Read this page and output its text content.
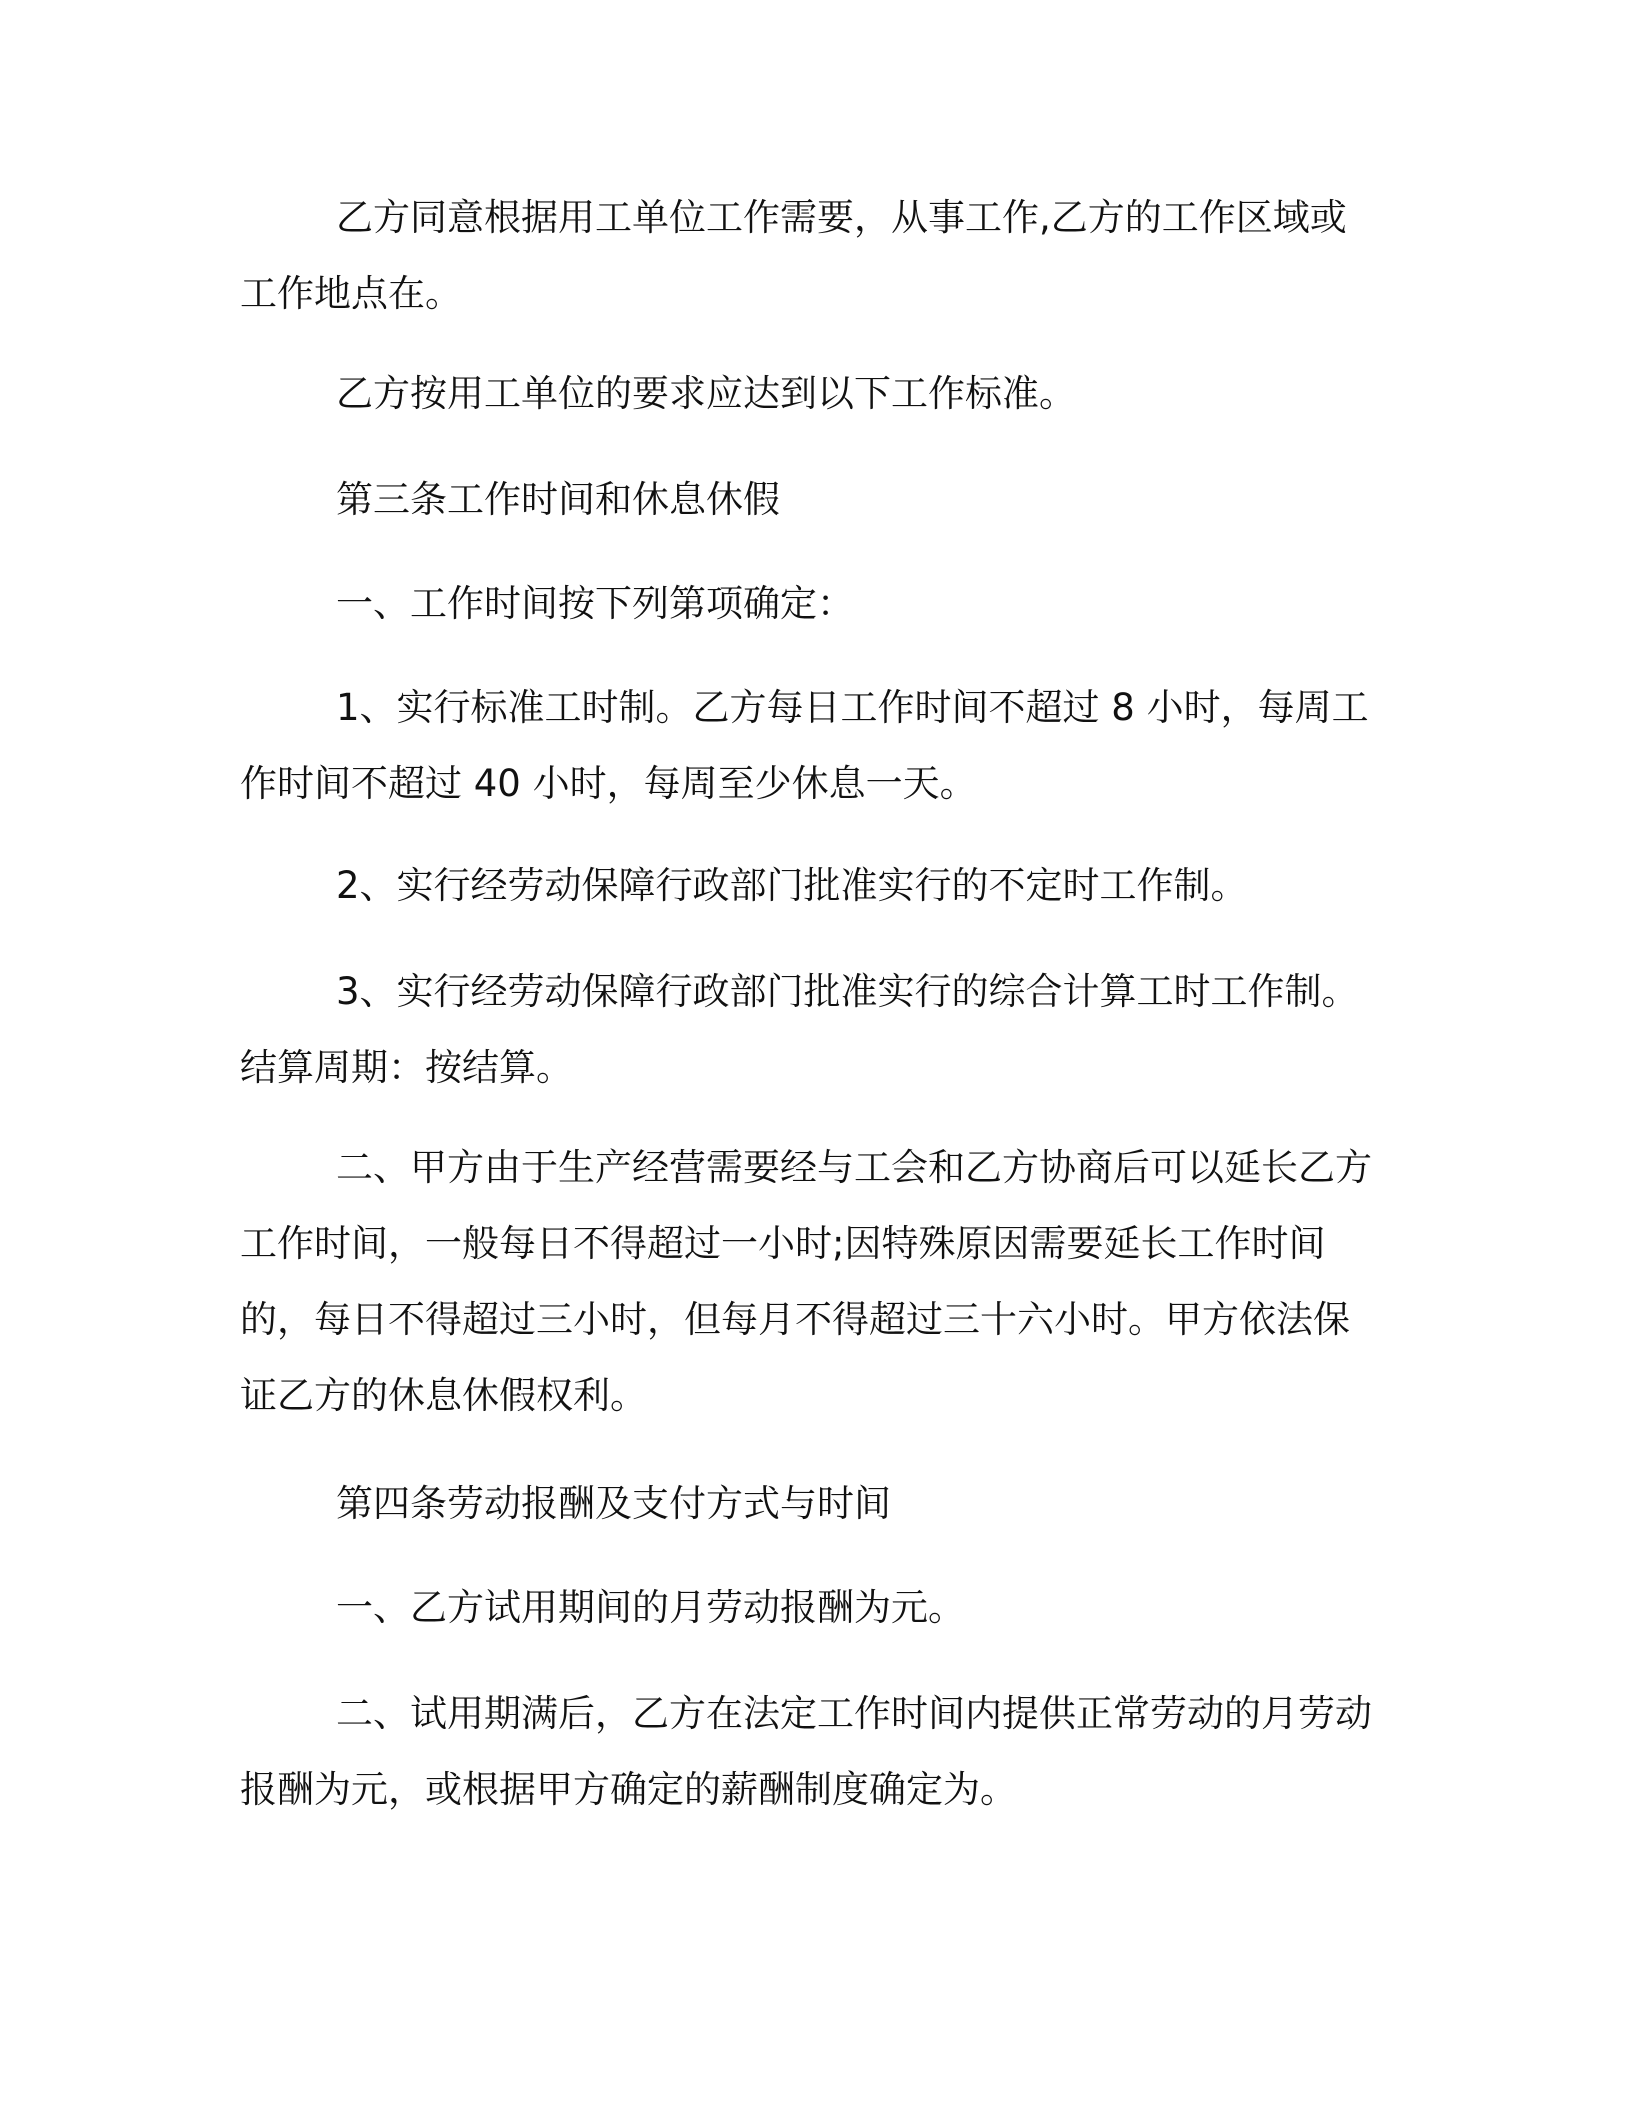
乙方同意根据用工单位工作需要，从事工作,乙方的工作区域或工作地点在。

乙方按用工单位的要求应达到以下工作标准。

第三条工作时间和休息休假

一、工作时间按下列第项确定：

1、实行标准工时制。乙方每日工作时间不超过 8 小时，每周工作时间不超过 40 小时，每周至少休息一天。

2、实行经劳动保障行政部门批准实行的不定时工作制。

3、实行经劳动保障行政部门批准实行的综合计算工时工作制。结算周期：按结算。

二、甲方由于生产经营需要经与工会和乙方协商后可以延长乙方工作时间，一般每日不得超过一小时;因特殊原因需要延长工作时间的，每日不得超过三小时，但每月不得超过三十六小时。甲方依法保证乙方的休息休假权利。

第四条劳动报酬及支付方式与时间

一、乙方试用期间的月劳动报酬为元。

二、试用期满后，乙方在法定工作时间内提供正常劳动的月劳动报酬为元，或根据甲方确定的薪酬制度确定为。
